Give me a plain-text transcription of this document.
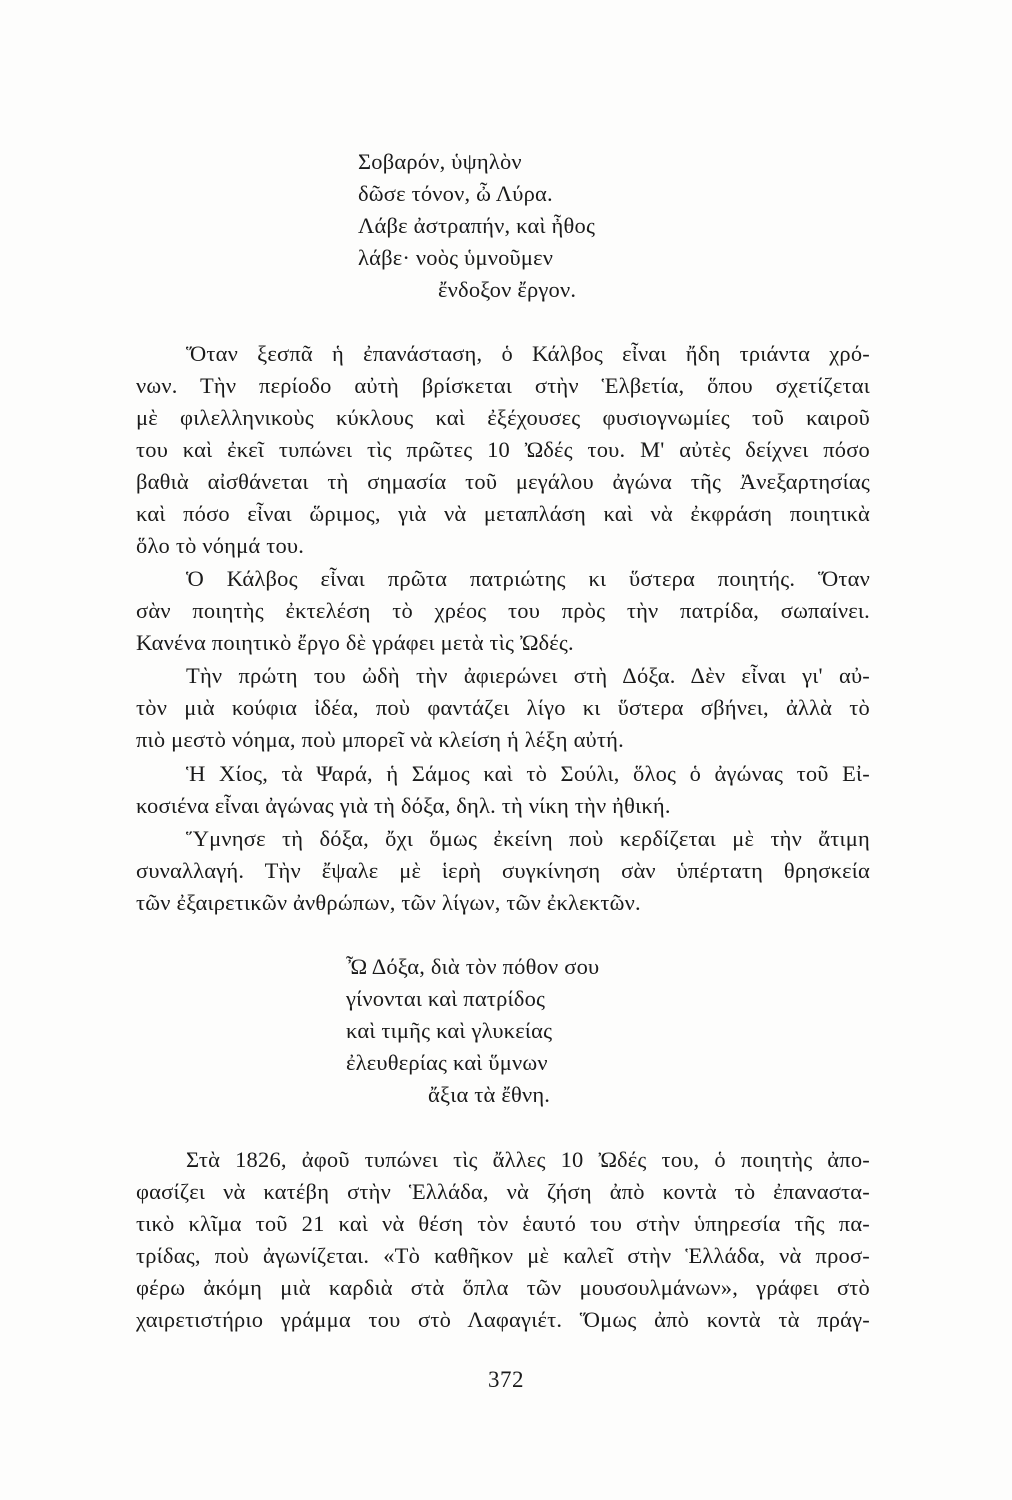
Σοβαρόν, ὑψηλὸν
δῶσε τόνον, ὦ Λύρα.
Λάβε ἀστραπήν, καὶ ἦθος
λάβε· νοὸς ὑμνοῦμεν
ἔνδοξον ἔργον.
Ὅταν ξεσπᾶ ἡ ἐπανάσταση, ὁ Κάλβος εἶναι ἤδη τριάντα χρό-
νων. Τὴν περίοδο αὐτὴ βρίσκεται στὴν Ἑλβετία, ὅπου σχετίζεται
μὲ φιλελληνικοὺς κύκλους καὶ ἐξέχουσες φυσιογνωμίες τοῦ καιροῦ
του καὶ ἐκεῖ τυπώνει τὶς πρῶτες 10 Ὠδές του. Μ' αὐτὲς δείχνει πόσο
βαθιὰ αἰσθάνεται τὴ σημασία τοῦ μεγάλου ἀγώνα τῆς Ἀνεξαρτησίας
καὶ πόσο εἶναι ὥριμος, γιὰ νὰ μεταπλάση καὶ νὰ ἐκφράση ποιητικὰ
ὅλο τὸ νόημά του.
Ὁ Κάλβος εἶναι πρῶτα πατριώτης κι ὕστερα ποιητής. Ὅταν
σὰν ποιητὴς ἐκτελέση τὸ χρέος του πρὸς τὴν πατρίδα, σωπαίνει.
Κανένα ποιητικὸ ἔργο δὲ γράφει μετὰ τὶς Ὠδές.
Τὴν πρώτη του ὠδὴ τὴν ἀφιερώνει στὴ Δόξα. Δὲν εἶναι γι' αὐ-
τὸν μιὰ κούφια ἰδέα, ποὺ φαντάζει λίγο κι ὕστερα σβήνει, ἀλλὰ τὸ
πιὸ μεστὸ νόημα, ποὺ μπορεῖ νὰ κλείση ἡ λέξη αὐτή.
Ἡ Χίος, τὰ Ψαρά, ἡ Σάμος καὶ τὸ Σούλι, ὅλος ὁ ἀγώνας τοῦ Εἰ-
κοσιένα εἶναι ἀγώνας γιὰ τὴ δόξα, δηλ. τὴ νίκη τὴν ἠθική.
Ὕμνησε τὴ δόξα, ὄχι ὅμως ἐκείνη ποὺ κερδίζεται μὲ τὴν ἄτιμη
συναλλαγή. Τὴν ἔψαλε μὲ ἱερὴ συγκίνηση σὰν ὑπέρτατη θρησκεία
τῶν ἐξαιρετικῶν ἀνθρώπων, τῶν λίγων, τῶν ἐκλεκτῶν.
Ὦ Δόξα, διὰ τὸν πόθον σου
γίνονται καὶ πατρίδος
καὶ τιμῆς καὶ γλυκείας
ἐλευθερίας καὶ ὕμνων
ἄξια τὰ ἔθνη.
Στὰ 1826, ἀφοῦ τυπώνει τὶς ἄλλες 10 Ὠδές του, ὁ ποιητὴς ἀπο-
φασίζει νὰ κατέβη στὴν Ἑλλάδα, νὰ ζήση ἀπὸ κοντὰ τὸ ἐπαναστα-
τικὸ κλῖμα τοῦ 21 καὶ νὰ θέση τὸν ἑαυτό του στὴν ὑπηρεσία τῆς πα-
τρίδας, ποὺ ἀγωνίζεται. «Τὸ καθῆκον μὲ καλεῖ στὴν Ἑλλάδα, νὰ προσ-
φέρω ἀκόμη μιὰ καρδιὰ στὰ ὅπλα τῶν μουσουλμάνων», γράφει στὸ
χαιρετιστήριο γράμμα του στὸ Λαφαγιέτ. Ὅμως ἀπὸ κοντὰ τὰ πράγ-
372
